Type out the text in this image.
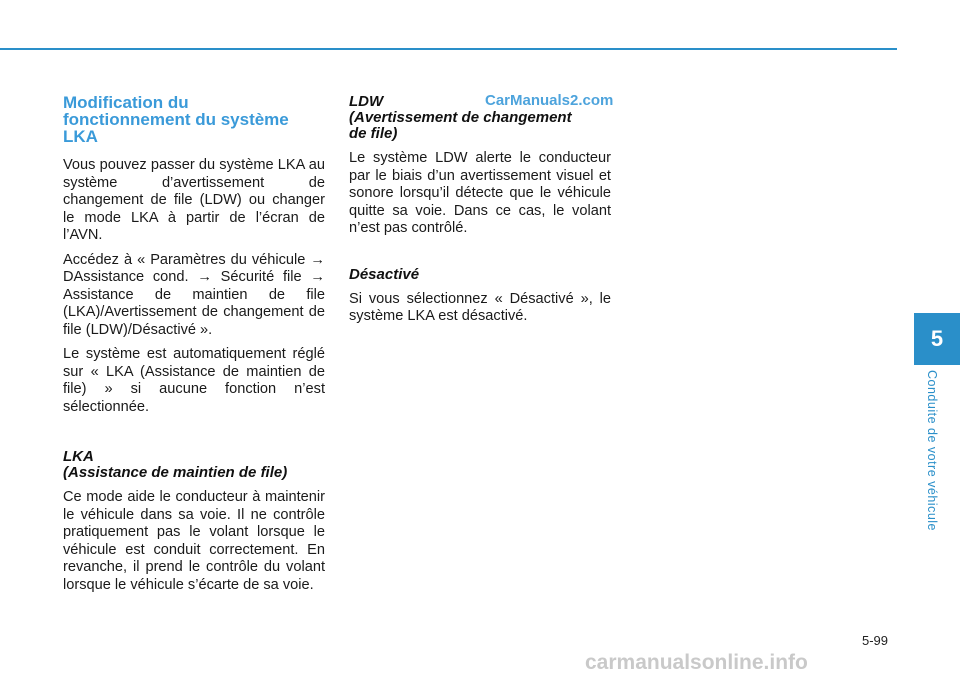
Modification du
fonctionnement du système
LKA

Vous pouvez passer du système LKA au système d’avertissement de changement de file (LDW) ou changer le mode LKA à partir de l’écran de l’AVN.

Accédez à « Paramètres du véhicule → DAssistance cond. → Sécurité file → Assistance de maintien de file (LKA)/Avertissement de changement de file (LDW)/Désactivé ».

Le système est automatiquement réglé sur « LKA (Assistance de maintien de file) » si aucune fonction n’est sélectionnée.

LKA
(Assistance de maintien de file)

Ce mode aide le conducteur à maintenir le véhicule dans sa voie. Il ne contrôle pratiquement pas le volant lorsque le véhicule est conduit correctement. En revanche, il prend le contrôle du volant lorsque le véhicule s’écarte de sa voie.

LDW
(Avertissement de changement
de file)

Le système LDW alerte le conducteur par le biais d’un avertissement visuel et sonore lorsqu’il détecte que le véhicule quitte sa voie. Dans ce cas, le volant n’est pas contrôlé.

Désactivé

Si vous sélectionnez « Désactivé », le système LKA est désactivé.

CarManuals2.com
5
Conduite de votre véhicule
5-99
carmanualsonline.info
